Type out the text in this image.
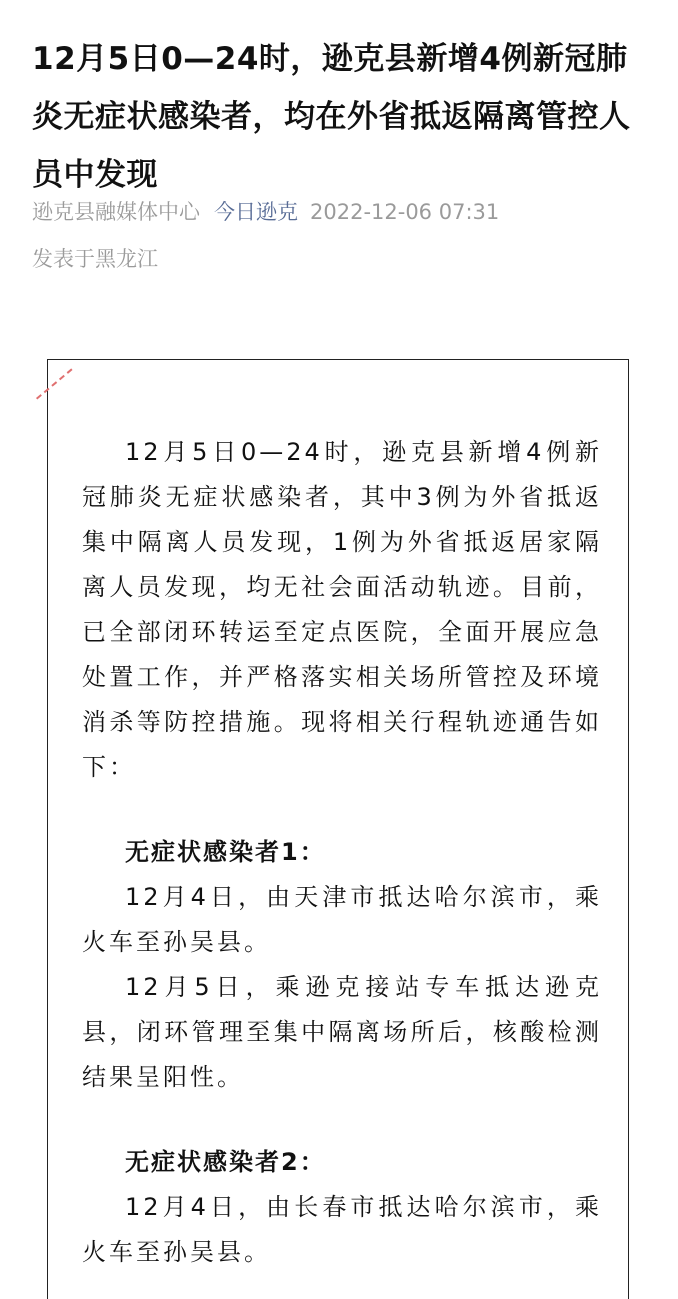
12月5日0—24时，逊克县新增4例新冠肺炎无症状感染者，均在外省抵返隔离管控人员中发现
逊克县融媒体中心 今日逊克 2022-12-06 07:31
发表于黑龙江

12月5日0—24时，逊克县新增4例新冠肺炎无症状感染者，其中3例为外省抵返集中隔离人员发现，1例为外省抵返居家隔离人员发现，均无社会面活动轨迹。目前，已全部闭环转运至定点医院，全面开展应急处置工作，并严格落实相关场所管控及环境消杀等防控措施。现将相关行程轨迹通告如下：

无症状感染者1：

12月4日，由天津市抵达哈尔滨市，乘火车至孙吴县。

12月5日，乘逊克接站专车抵达逊克县，闭环管理至集中隔离场所后，核酸检测结果呈阳性。

无症状感染者2：

12月4日，由长春市抵达哈尔滨市，乘火车至孙吴县。
